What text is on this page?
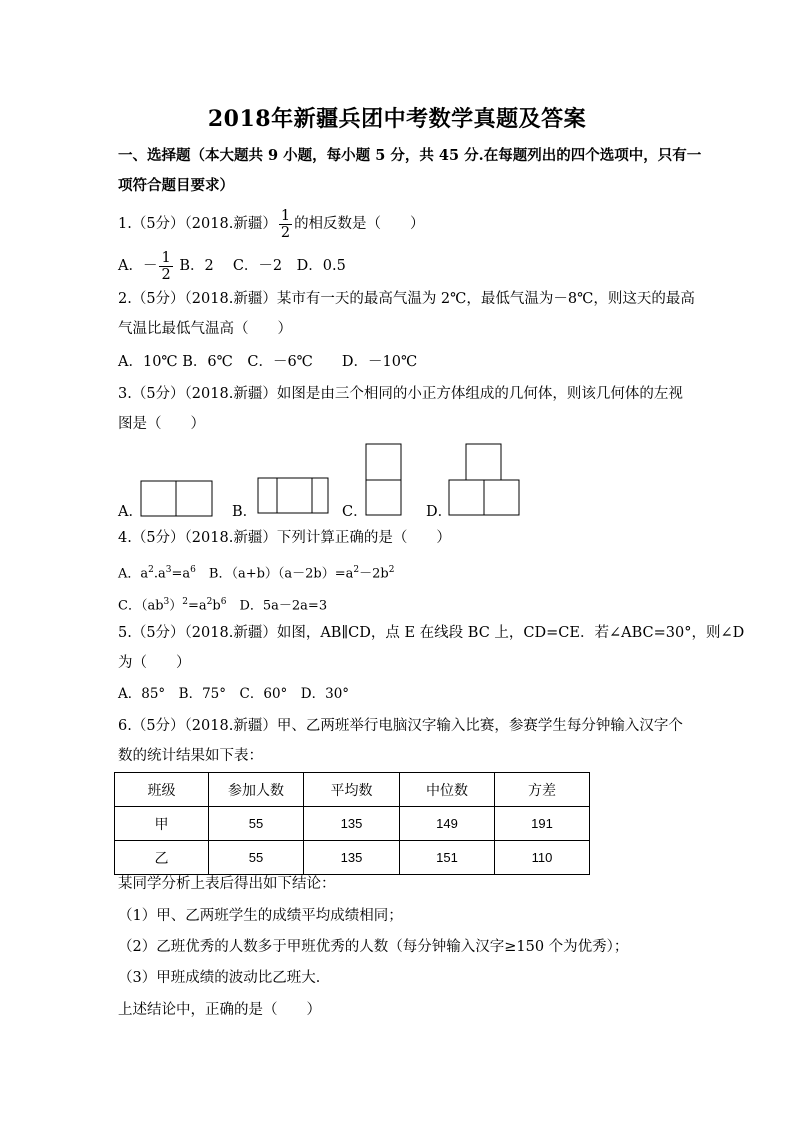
2018年新疆兵团中考数学真题及答案
一、选择题（本大题共 9 小题，每小题 5 分，共 45 分.在每题列出的四个选项中，只有一
项符合题目要求）
1.（5分）（2018.新疆） $\frac{1}{2}$ 的相反数是（　　）
A．－ $\frac{1}{2}$ B．2　 C．－2　D．0.5
2.（5分）（2018.新疆）某市有一天的最高气温为 2℃，最低气温为－8℃，则这天的最高
气温比最低气温高（　　）
A．10℃ B．6℃　C．－6℃　　D．－10℃
3.（5分）（2018.新疆）如图是由三个相同的小正方体组成的几何体，则该几何体的左视
图是（　　）
A．	B．	C．	D．
4.（5分）（2018.新疆）下列计算正确的是（　　）
A．$a^2.a^3=a^6$　B．$(a+b)(a-2b)=a^2-2b^2$
C．$(ab^3)^2=a^2b^6$　D．5a－2a=3
5.（5分）（2018.新疆）如图，AB∥CD，点 E 在线段 BC 上，CD=CE．若∠ABC=30°，则∠D
为（　　）
A．85°　B．75°　C．60°　D．30°
6.（5分）（2018.新疆）甲、乙两班举行电脑汉字输入比赛，参赛学生每分钟输入汉字个
数的统计结果如下表：
班级	参加人数	平均数	中位数	方差
甲	55	135	149	191
乙	55	135	151	110
某同学分析上表后得出如下结论：
（1）甲、乙两班学生的成绩平均成绩相同；
（2）乙班优秀的人数多于甲班优秀的人数（每分钟输入汉字≥150 个为优秀）；
（3）甲班成绩的波动比乙班大．
上述结论中，正确的是（　　）
